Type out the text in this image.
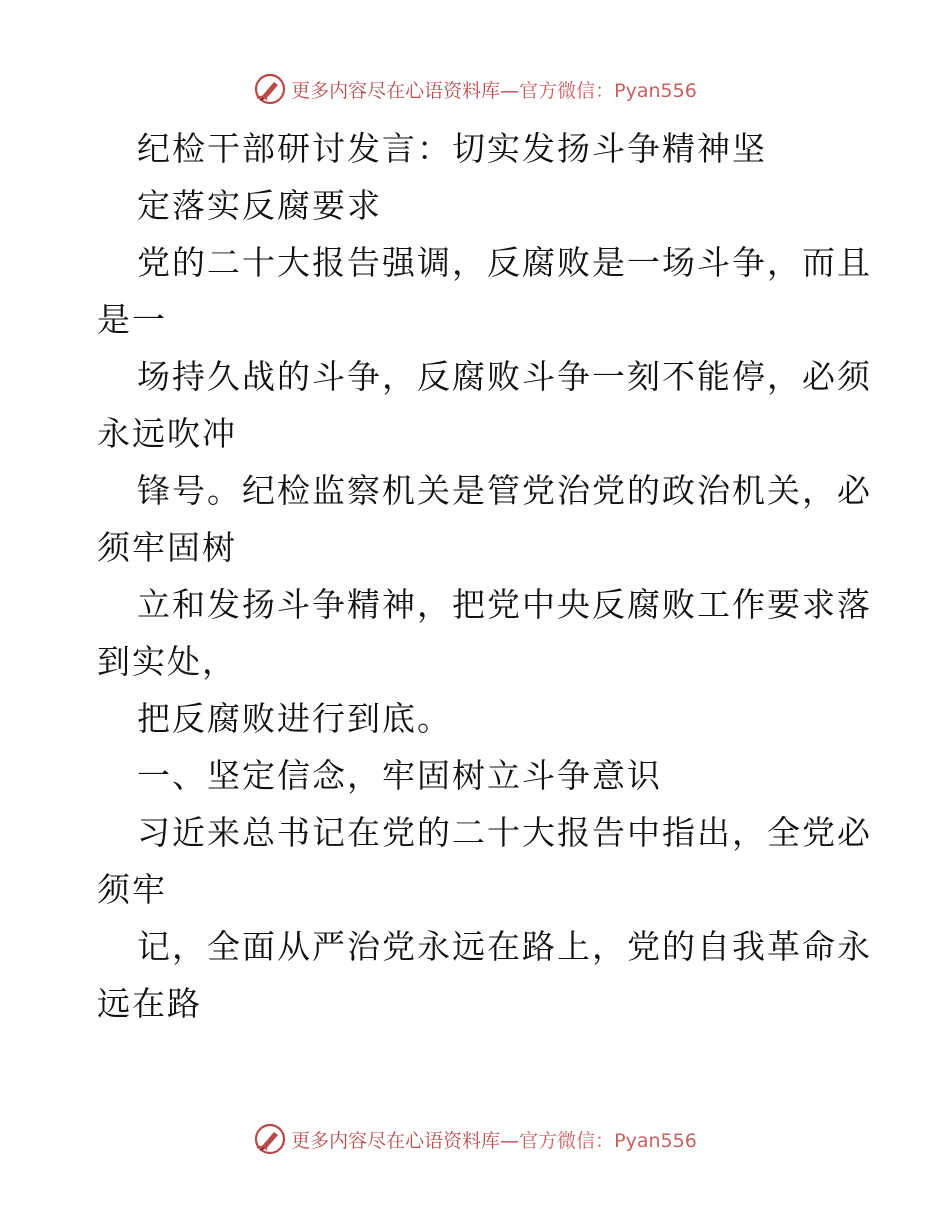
更多内容尽在心语资料库—官方微信：Pyan556
纪检干部研讨发言：切实发扬斗争精神坚
定落实反腐要求
党的二十大报告强调，反腐败是一场斗争，而且
是一
场持久战的斗争，反腐败斗争一刻不能停，必须
永远吹冲
锋号。纪检监察机关是管党治党的政治机关，必
须牢固树
立和发扬斗争精神，把党中央反腐败工作要求落
到实处，
把反腐败进行到底。
一、坚定信念，牢固树立斗争意识
习近来总书记在党的二十大报告中指出，全党必
须牢
记，全面从严治党永远在路上，党的自我革命永
远在路
更多内容尽在心语资料库—官方微信：Pyan556
